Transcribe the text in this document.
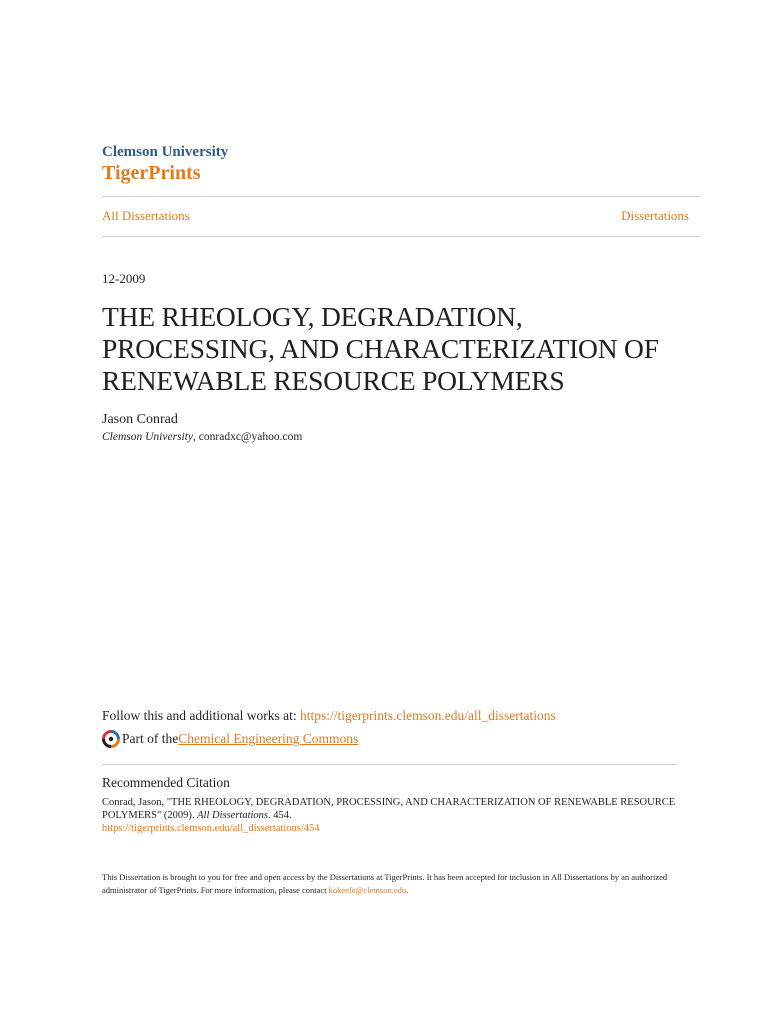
Clemson University
TigerPrints
All Dissertations	Dissertations
12-2009
THE RHEOLOGY, DEGRADATION, PROCESSING, AND CHARACTERIZATION OF RENEWABLE RESOURCE POLYMERS
Jason Conrad
Clemson University, conradxc@yahoo.com
Follow this and additional works at: https://tigerprints.clemson.edu/all_dissertations
Part of the Chemical Engineering Commons
Recommended Citation
Conrad, Jason, "THE RHEOLOGY, DEGRADATION, PROCESSING, AND CHARACTERIZATION OF RENEWABLE RESOURCE POLYMERS" (2009). All Dissertations. 454.
https://tigerprints.clemson.edu/all_dissertations/454
This Dissertation is brought to you for free and open access by the Dissertations at TigerPrints. It has been accepted for inclusion in All Dissertations by an authorized administrator of TigerPrints. For more information, please contact kokeefe@clemson.edu.
